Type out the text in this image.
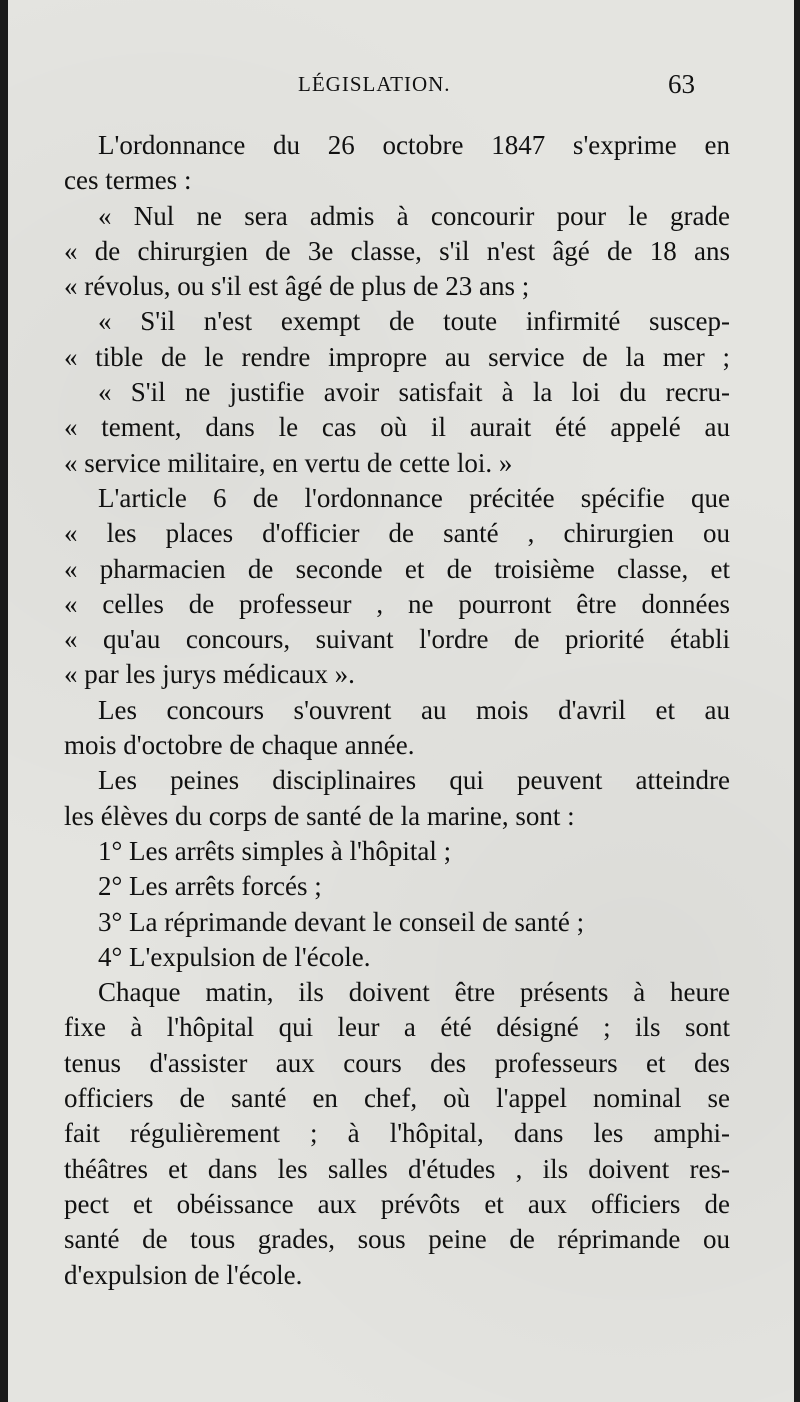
LÉGISLATION.	63
L'ordonnance du 26 octobre 1847 s'exprime en
ces termes :
« Nul ne sera admis à concourir pour le grade
« de chirurgien de 3e classe, s'il n'est âgé de 18 ans
« révolus, ou s'il est âgé de plus de 23 ans ;
« S'il n'est exempt de toute infirmité suscep-
« tible de le rendre impropre au service de la mer ;
« S'il ne justifie avoir satisfait à la loi du recru-
« tement, dans le cas où il aurait été appelé au
« service militaire, en vertu de cette loi. »
L'article 6 de l'ordonnance précitée spécifie que
« les places d'officier de santé , chirurgien ou
« pharmacien de seconde et de troisième classe, et
« celles de professeur , ne pourront être données
« qu'au concours, suivant l'ordre de priorité établi
« par les jurys médicaux ».
Les concours s'ouvrent au mois d'avril et au
mois d'octobre de chaque année.
Les peines disciplinaires qui peuvent atteindre
les élèves du corps de santé de la marine, sont :
1° Les arrêts simples à l'hôpital ;
2° Les arrêts forcés ;
3° La réprimande devant le conseil de santé ;
4° L'expulsion de l'école.
Chaque matin, ils doivent être présents à heure
fixe à l'hôpital qui leur a été désigné ; ils sont
tenus d'assister aux cours des professeurs et des
officiers de santé en chef, où l'appel nominal se
fait régulièrement ; à l'hôpital, dans les amphi-
théâtres et dans les salles d'études , ils doivent res-
pect et obéissance aux prévôts et aux officiers de
santé de tous grades, sous peine de réprimande ou
d'expulsion de l'école.
